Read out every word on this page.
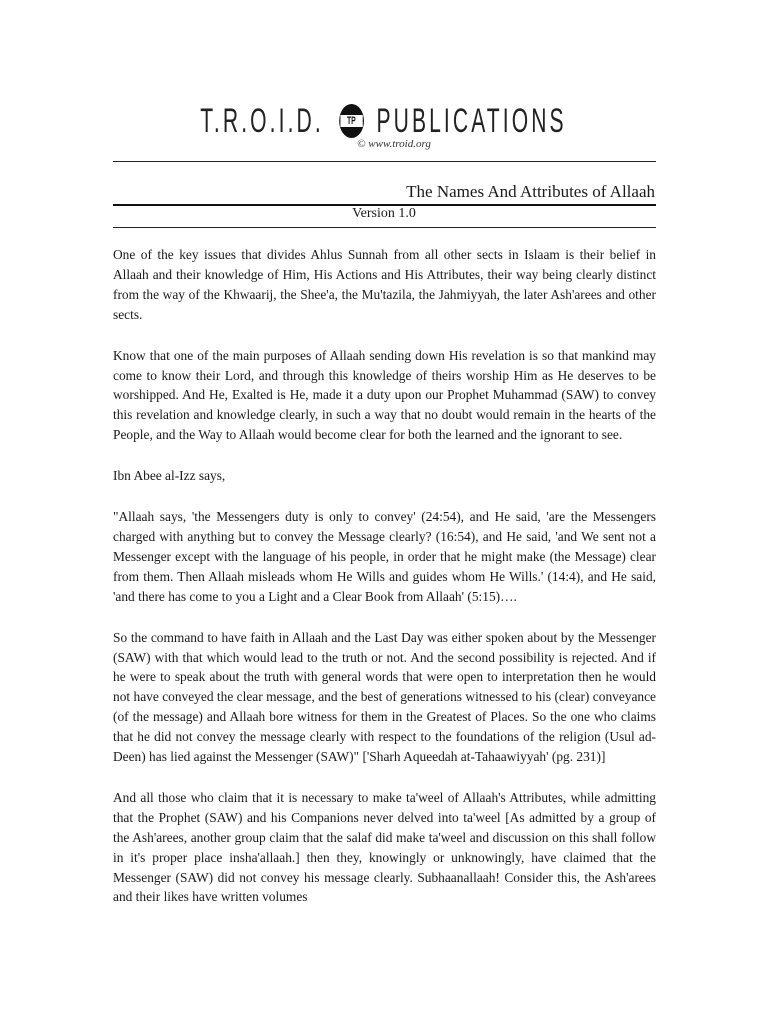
T.R.O.I.D.	TP PUBLICATIONS
© www.troid.org
The Names And Attributes of Allaah
Version 1.0

One of the key issues that divides Ahlus Sunnah from all other sects in Islaam is their belief in Allaah and their knowledge of Him, His Actions and His Attributes, their way being clearly distinct from the way of the Khwaarij, the Shee'a, the Mu'tazila, the Jahmiyyah, the later Ash'arees and other sects.

Know that one of the main purposes of Allaah sending down His revelation is so that mankind may come to know their Lord, and through this knowledge of theirs worship Him as He deserves to be worshipped. And He, Exalted is He, made it a duty upon our Prophet Muhammad (SAW) to convey this revelation and knowledge clearly, in such a way that no doubt would remain in the hearts of the People, and the Way to Allaah would become clear for both the learned and the ignorant to see.

Ibn Abee al-Izz says,

"Allaah says, 'the Messengers duty is only to convey' (24:54), and He said, 'are the Messengers charged with anything but to convey the Message clearly? (16:54), and He said, 'and We sent not a Messenger except with the language of his people, in order that he might make (the Message) clear from them. Then Allaah misleads whom He Wills and guides whom He Wills.' (14:4), and He said, 'and there has come to you a Light and a Clear Book from Allaah' (5:15)….

So the command to have faith in Allaah and the Last Day was either spoken about by the Messenger (SAW) with that which would lead to the truth or not. And the second possibility is rejected. And if he were to speak about the truth with general words that were open to interpretation then he would not have conveyed the clear message, and the best of generations witnessed to his (clear) conveyance (of the message) and Allaah bore witness for them in the Greatest of Places. So the one who claims that he did not convey the message clearly with respect to the foundations of the religion (Usul ad-Deen) has lied against the Messenger (SAW)" ['Sharh Aqueedah at-Tahaawiyyah' (pg. 231)]

And all those who claim that it is necessary to make ta'weel of Allaah's Attributes, while admitting that the Prophet (SAW) and his Companions never delved into ta'weel [As admitted by a group of the Ash'arees, another group claim that the salaf did make ta'weel and discussion on this shall follow in it's proper place insha'allaah.] then they, knowingly or unknowingly, have claimed that the Messenger (SAW) did not convey his message clearly. Subhaanallaah! Consider this, the Ash'arees and their likes have written volumes
